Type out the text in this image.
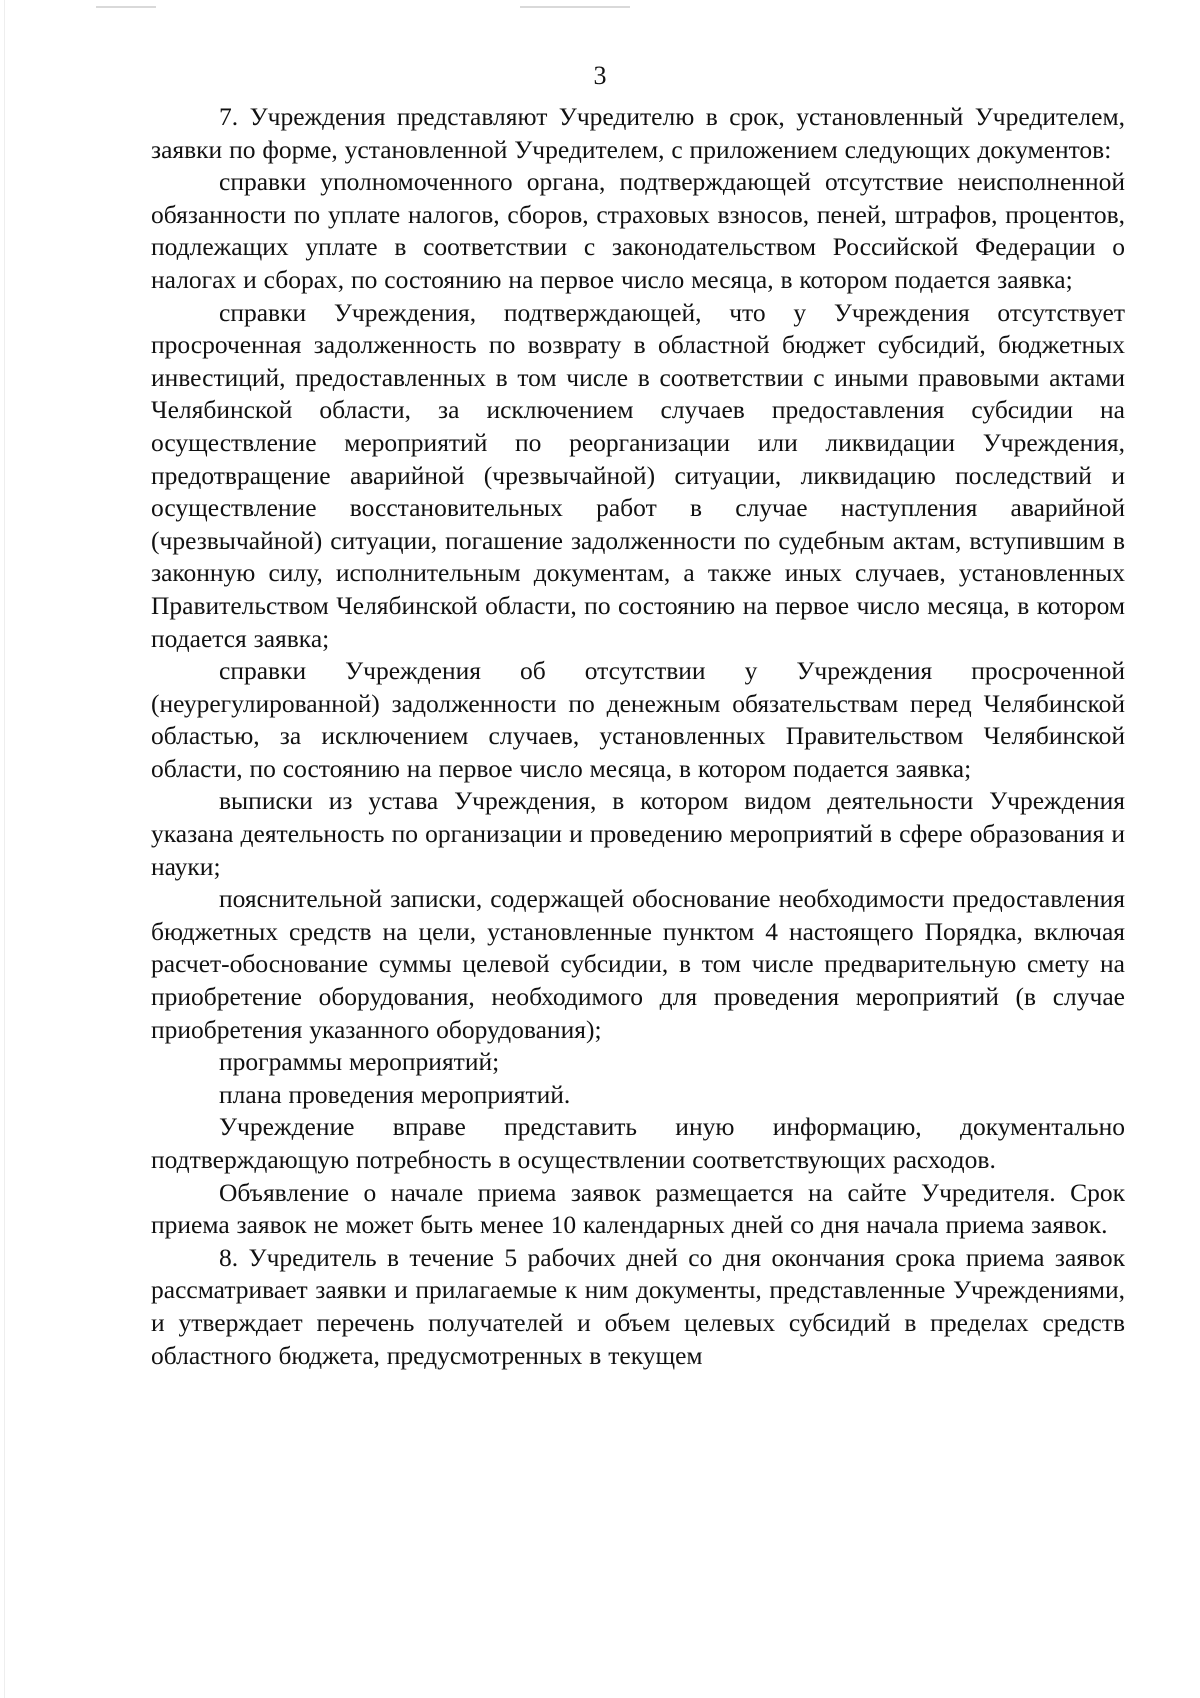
3

7. Учреждения представляют Учредителю в срок, установленный Учредителем, заявки по форме, установленной Учредителем, с приложением следующих документов:

справки уполномоченного органа, подтверждающей отсутствие неисполненной обязанности по уплате налогов, сборов, страховых взносов, пеней, штрафов, процентов, подлежащих уплате в соответствии с законодательством Российской Федерации о налогах и сборах, по состоянию на первое число месяца, в котором подается заявка;

справки Учреждения, подтверждающей, что у Учреждения отсутствует просроченная задолженность по возврату в областной бюджет субсидий, бюджетных инвестиций, предоставленных в том числе в соответствии с иными правовыми актами Челябинской области, за исключением случаев предоставления субсидии на осуществление мероприятий по реорганизации или ликвидации Учреждения, предотвращение аварийной (чрезвычайной) ситуации, ликвидацию последствий и осуществление восстановительных работ в случае наступления аварийной (чрезвычайной) ситуации, погашение задолженности по судебным актам, вступившим в законную силу, исполнительным документам, а также иных случаев, установленных Правительством Челябинской области, по состоянию на первое число месяца, в котором подается заявка;

справки Учреждения об отсутствии у Учреждения просроченной (неурегулированной) задолженности по денежным обязательствам перед Челябинской областью, за исключением случаев, установленных Правительством Челябинской области, по состоянию на первое число месяца, в котором подается заявка;

выписки из устава Учреждения, в котором видом деятельности Учреждения указана деятельность по организации и проведению мероприятий в сфере образования и науки;

пояснительной записки, содержащей обоснование необходимости предоставления бюджетных средств на цели, установленные пунктом 4 настоящего Порядка, включая расчет-обоснование суммы целевой субсидии, в том числе предварительную смету на приобретение оборудования, необходимого для проведения мероприятий (в случае приобретения указанного оборудования);

программы мероприятий;

плана проведения мероприятий.

Учреждение вправе представить иную информацию, документально подтверждающую потребность в осуществлении соответствующих расходов.

Объявление о начале приема заявок размещается на сайте Учредителя. Срок приема заявок не может быть менее 10 календарных дней со дня начала приема заявок.

8. Учредитель в течение 5 рабочих дней со дня окончания срока приема заявок рассматривает заявки и прилагаемые к ним документы, представленные Учреждениями, и утверждает перечень получателей и объем целевых субсидий в пределах средств областного бюджета, предусмотренных в текущем
